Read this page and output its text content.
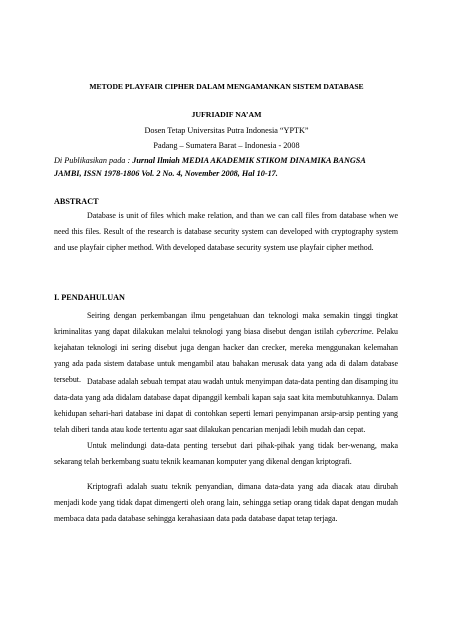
METODE PLAYFAIR CIPHER DALAM MENGAMANKAN SISTEM DATABASE
JUFRIADIF NA’AM
Dosen Tetap Universitas Putra Indonesia “YPTK”
Padang – Sumatera Barat – Indonesia - 2008
Di Publikasikan pada : Jurnal Ilmiah MEDIA AKADEMIK STIKOM DINAMIKA BANGSA
JAMBI, ISSN 1978-1806 Vol. 2 No. 4, November 2008, Hal 10-17.
ABSTRACT

Database is unit of files which make relation, and than we can call files from database when we need this files. Result of the research is database security system can developed with cryptography system and use playfair cipher method. With developed database security system use playfair cipher method.

I. PENDAHULUAN

Seiring dengan perkembangan ilmu pengetahuan dan teknologi maka semakin tinggi tingkat kriminalitas yang dapat dilakukan melalui teknologi yang biasa disebut dengan istilah cybercrime. Pelaku kejahatan teknologi ini sering disebut juga dengan hacker dan crecker, mereka menggunakan kelemahan yang ada pada sistem database untuk mengambil atau bahakan merusak data yang ada di dalam database tersebut. Database adalah sebuah tempat atau wadah untuk menyimpan data-data penting dan disamping itu data-data yang ada didalam database dapat dipanggil kembali kapan saja saat kita membutuhkannya. Dalam kehidupan sehari-hari database ini dapat di contohkan seperti lemari penyimpanan arsip-arsip penting yang telah diberi tanda atau kode tertentu agar saat dilakukan pencarian menjadi lebih mudah dan cepat.

Untuk melindungi data-data penting tersebut dari pihak-pihak yang tidak ber-wenang, maka sekarang telah berkembang suatu teknik keamanan komputer yang dikenal dengan kriptografi.

Kriptografi adalah suatu teknik penyandian, dimana data-data yang ada diacak atau dirubah menjadi kode yang tidak dapat dimengerti oleh orang lain, sehingga setiap orang tidak dapat dengan mudah membaca data pada database sehingga kerahasiaan data pada database dapat tetap terjaga.
